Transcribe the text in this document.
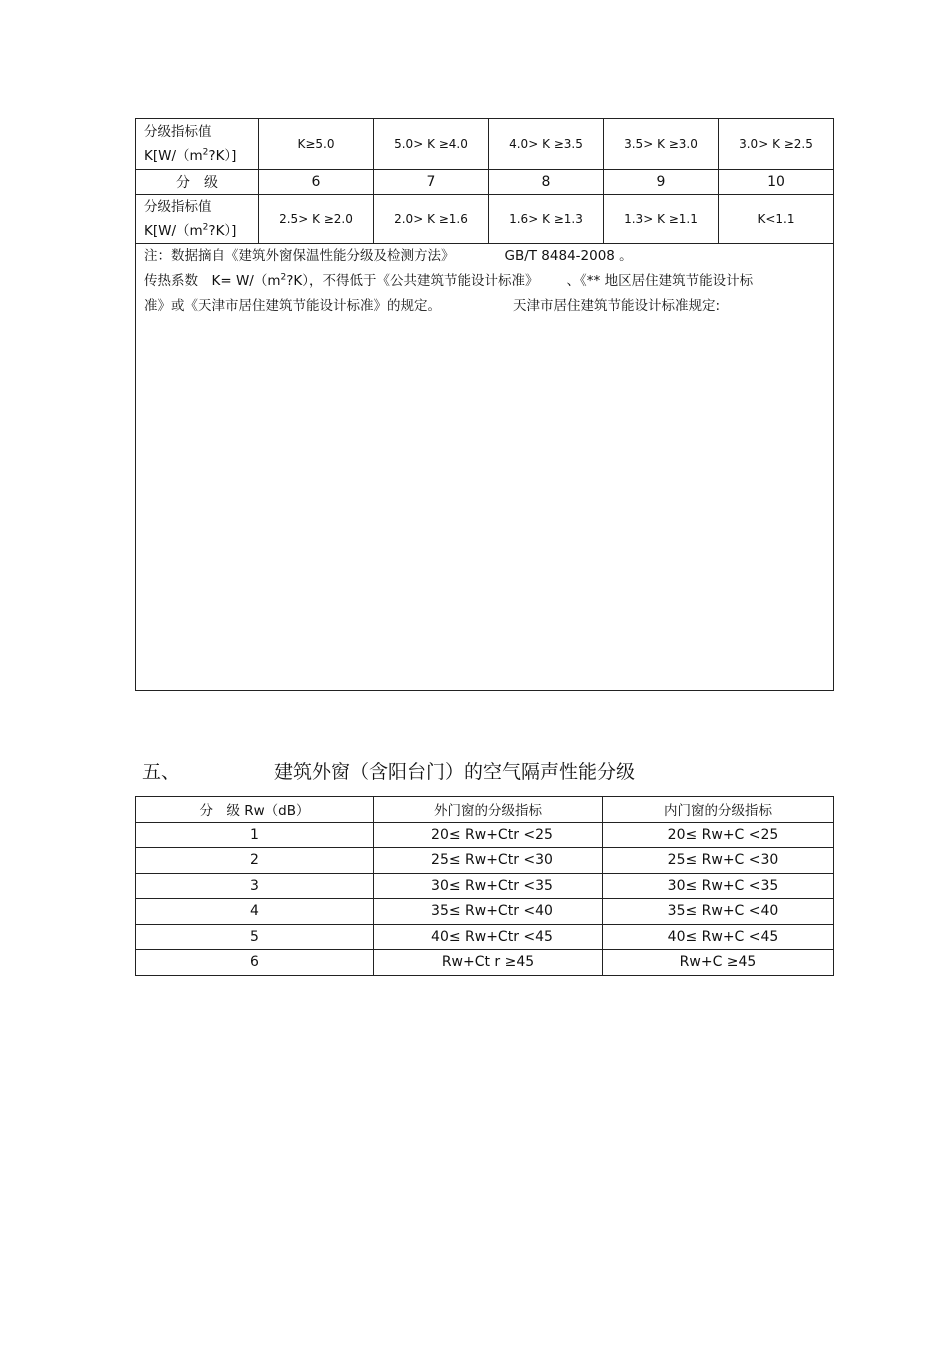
分级指标值
$K[W/(m^2?K)]$	K≥5.0	5.0> K ≥4.0	4.0> K ≥3.5	3.5> K ≥3.0	3.0> K ≥2.5
分　级	6	7	8	9	10

分级指标值
$K[W/(m^2?K)]$	2.5> K ≥2.0	2.0> K ≥1.6	1.6> K ≥1.3	1.3> K ≥1.1	K<1.1

注：数据摘自《建筑外窗保温性能分级及检测方法》 GB/T 8484-2008 。
传热系数　$K= W/(m^2?K)$，不得低于《公共建筑节能设计标准》 、《** 地区居住建筑节能设计标
准》或《天津市居住建筑节能设计标准》的规定。 天津市居住建筑节能设计标准规定:					
五、	建筑外窗（含阳台门）的空气隔声性能分级
分　级 Rw（dB）	外门窗的分级指标	内门窗的分级指标
1	20≤ Rw+Ctr <25	20≤ Rw+C <25
2	25≤ Rw+Ctr <30	25≤ Rw+C <30
3	30≤ Rw+Ctr <35	30≤ Rw+C <35
4	35≤ Rw+Ctr <40	35≤ Rw+C <40
5	40≤ Rw+Ctr <45	40≤ Rw+C <45
6	Rw+Ct r ≥45	Rw+C ≥45
